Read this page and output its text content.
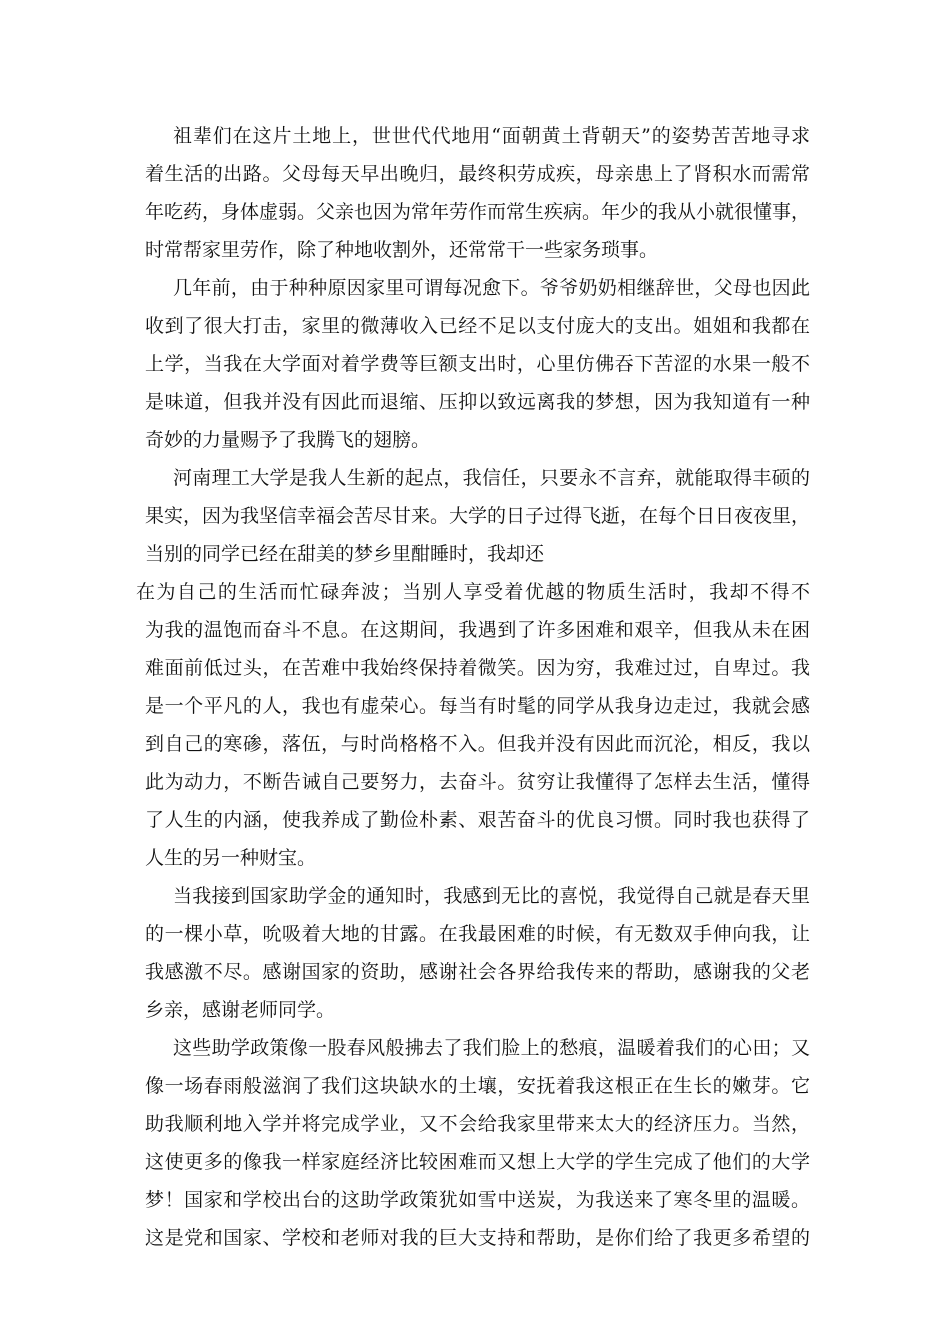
祖辈们在这片土地上，世世代代地用“面朝黄土背朝天”的姿势苦苦地寻求
着生活的出路。父母每天早出晚归，最终积劳成疾，母亲患上了肾积水而需常
年吃药，身体虚弱。父亲也因为常年劳作而常生疾病。年少的我从小就很懂事，
时常帮家里劳作，除了种地收割外，还常常干一些家务琐事。
几年前，由于种种原因家里可谓每况愈下。爷爷奶奶相继辞世，父母也因此
收到了很大打击，家里的微薄收入已经不足以支付庞大的支出。姐姐和我都在
上学，当我在大学面对着学费等巨额支出时，心里仿佛吞下苦涩的水果一般不
是味道，但我并没有因此而退缩、压抑以致远离我的梦想，因为我知道有一种
奇妙的力量赐予了我腾飞的翅膀。
河南理工大学是我人生新的起点，我信任，只要永不言弃，就能取得丰硕的
果实，因为我坚信幸福会苦尽甘来。大学的日子过得飞逝，在每个日日夜夜里，
当别的同学已经在甜美的梦乡里酣睡时，我却还
在为自己的生活而忙碌奔波；当别人享受着优越的物质生活时，我却不得不
为我的温饱而奋斗不息。在这期间，我遇到了许多困难和艰辛，但我从未在困
难面前低过头，在苦难中我始终保持着微笑。因为穷，我难过过，自卑过。我
是一个平凡的人，我也有虚荣心。每当有时髦的同学从我身边走过，我就会感
到自己的寒碜，落伍，与时尚格格不入。但我并没有因此而沉沦，相反，我以
此为动力，不断告诫自己要努力，去奋斗。贫穷让我懂得了怎样去生活，懂得
了人生的内涵，使我养成了勤俭朴素、艰苦奋斗的优良习惯。同时我也获得了
人生的另一种财宝。
当我接到国家助学金的通知时，我感到无比的喜悦，我觉得自己就是春天里
的一棵小草，吮吸着大地的甘露。在我最困难的时候，有无数双手伸向我，让
我感激不尽。感谢国家的资助，感谢社会各界给我传来的帮助，感谢我的父老
乡亲，感谢老师同学。
这些助学政策像一股春风般拂去了我们脸上的愁痕，温暖着我们的心田；又
像一场春雨般滋润了我们这块缺水的土壤，安抚着我这根正在生长的嫩芽。它
助我顺利地入学并将完成学业，又不会给我家里带来太大的经济压力。当然，
这使更多的像我一样家庭经济比较困难而又想上大学的学生完成了他们的大学
梦！国家和学校出台的这助学政策犹如雪中送炭，为我送来了寒冬里的温暖。
这是党和国家、学校和老师对我的巨大支持和帮助，是你们给了我更多希望的
